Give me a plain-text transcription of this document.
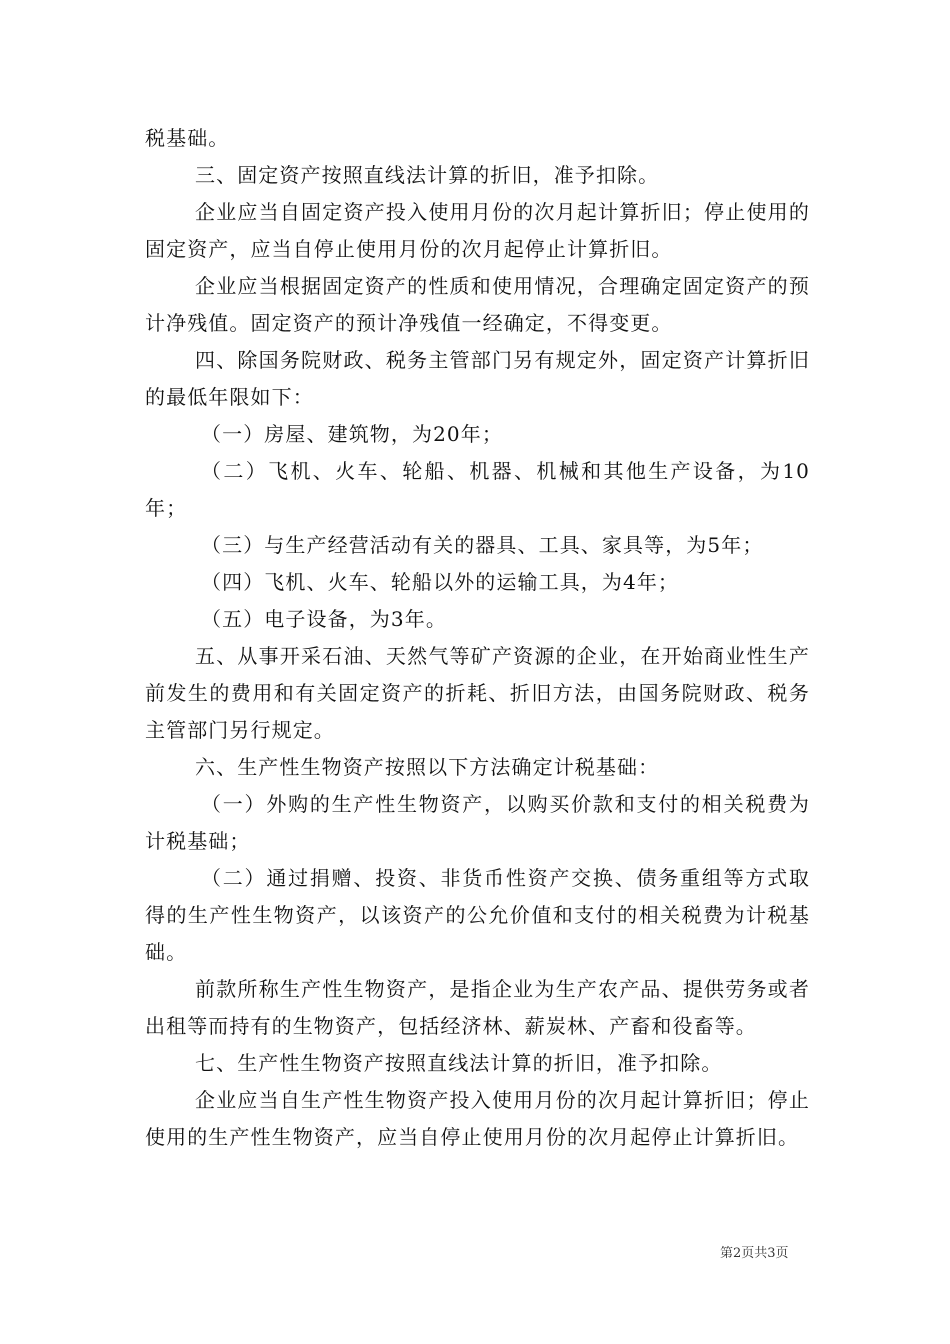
税基础。

三、固定资产按照直线法计算的折旧，准予扣除。

企业应当自固定资产投入使用月份的次月起计算折旧；停止使用的固定资产，应当自停止使用月份的次月起停止计算折旧。

企业应当根据固定资产的性质和使用情况，合理确定固定资产的预计净残值。固定资产的预计净残值一经确定，不得变更。

四、除国务院财政、税务主管部门另有规定外，固定资产计算折旧的最低年限如下：

（一）房屋、建筑物，为20年；

（二）飞机、火车、轮船、机器、机械和其他生产设备，为10年；

（三）与生产经营活动有关的器具、工具、家具等，为5年；

（四）飞机、火车、轮船以外的运输工具，为4年；

（五）电子设备，为3年。

五、从事开采石油、天然气等矿产资源的企业，在开始商业性生产前发生的费用和有关固定资产的折耗、折旧方法，由国务院财政、税务主管部门另行规定。

六、生产性生物资产按照以下方法确定计税基础：

（一）外购的生产性生物资产，以购买价款和支付的相关税费为计税基础；

（二）通过捐赠、投资、非货币性资产交换、债务重组等方式取得的生产性生物资产，以该资产的公允价值和支付的相关税费为计税基础。

前款所称生产性生物资产，是指企业为生产农产品、提供劳务或者出租等而持有的生物资产，包括经济林、薪炭林、产畜和役畜等。

七、生产性生物资产按照直线法计算的折旧，准予扣除。

企业应当自生产性生物资产投入使用月份的次月起计算折旧；停止使用的生产性生物资产，应当自停止使用月份的次月起停止计算折旧。

第2页共3页
